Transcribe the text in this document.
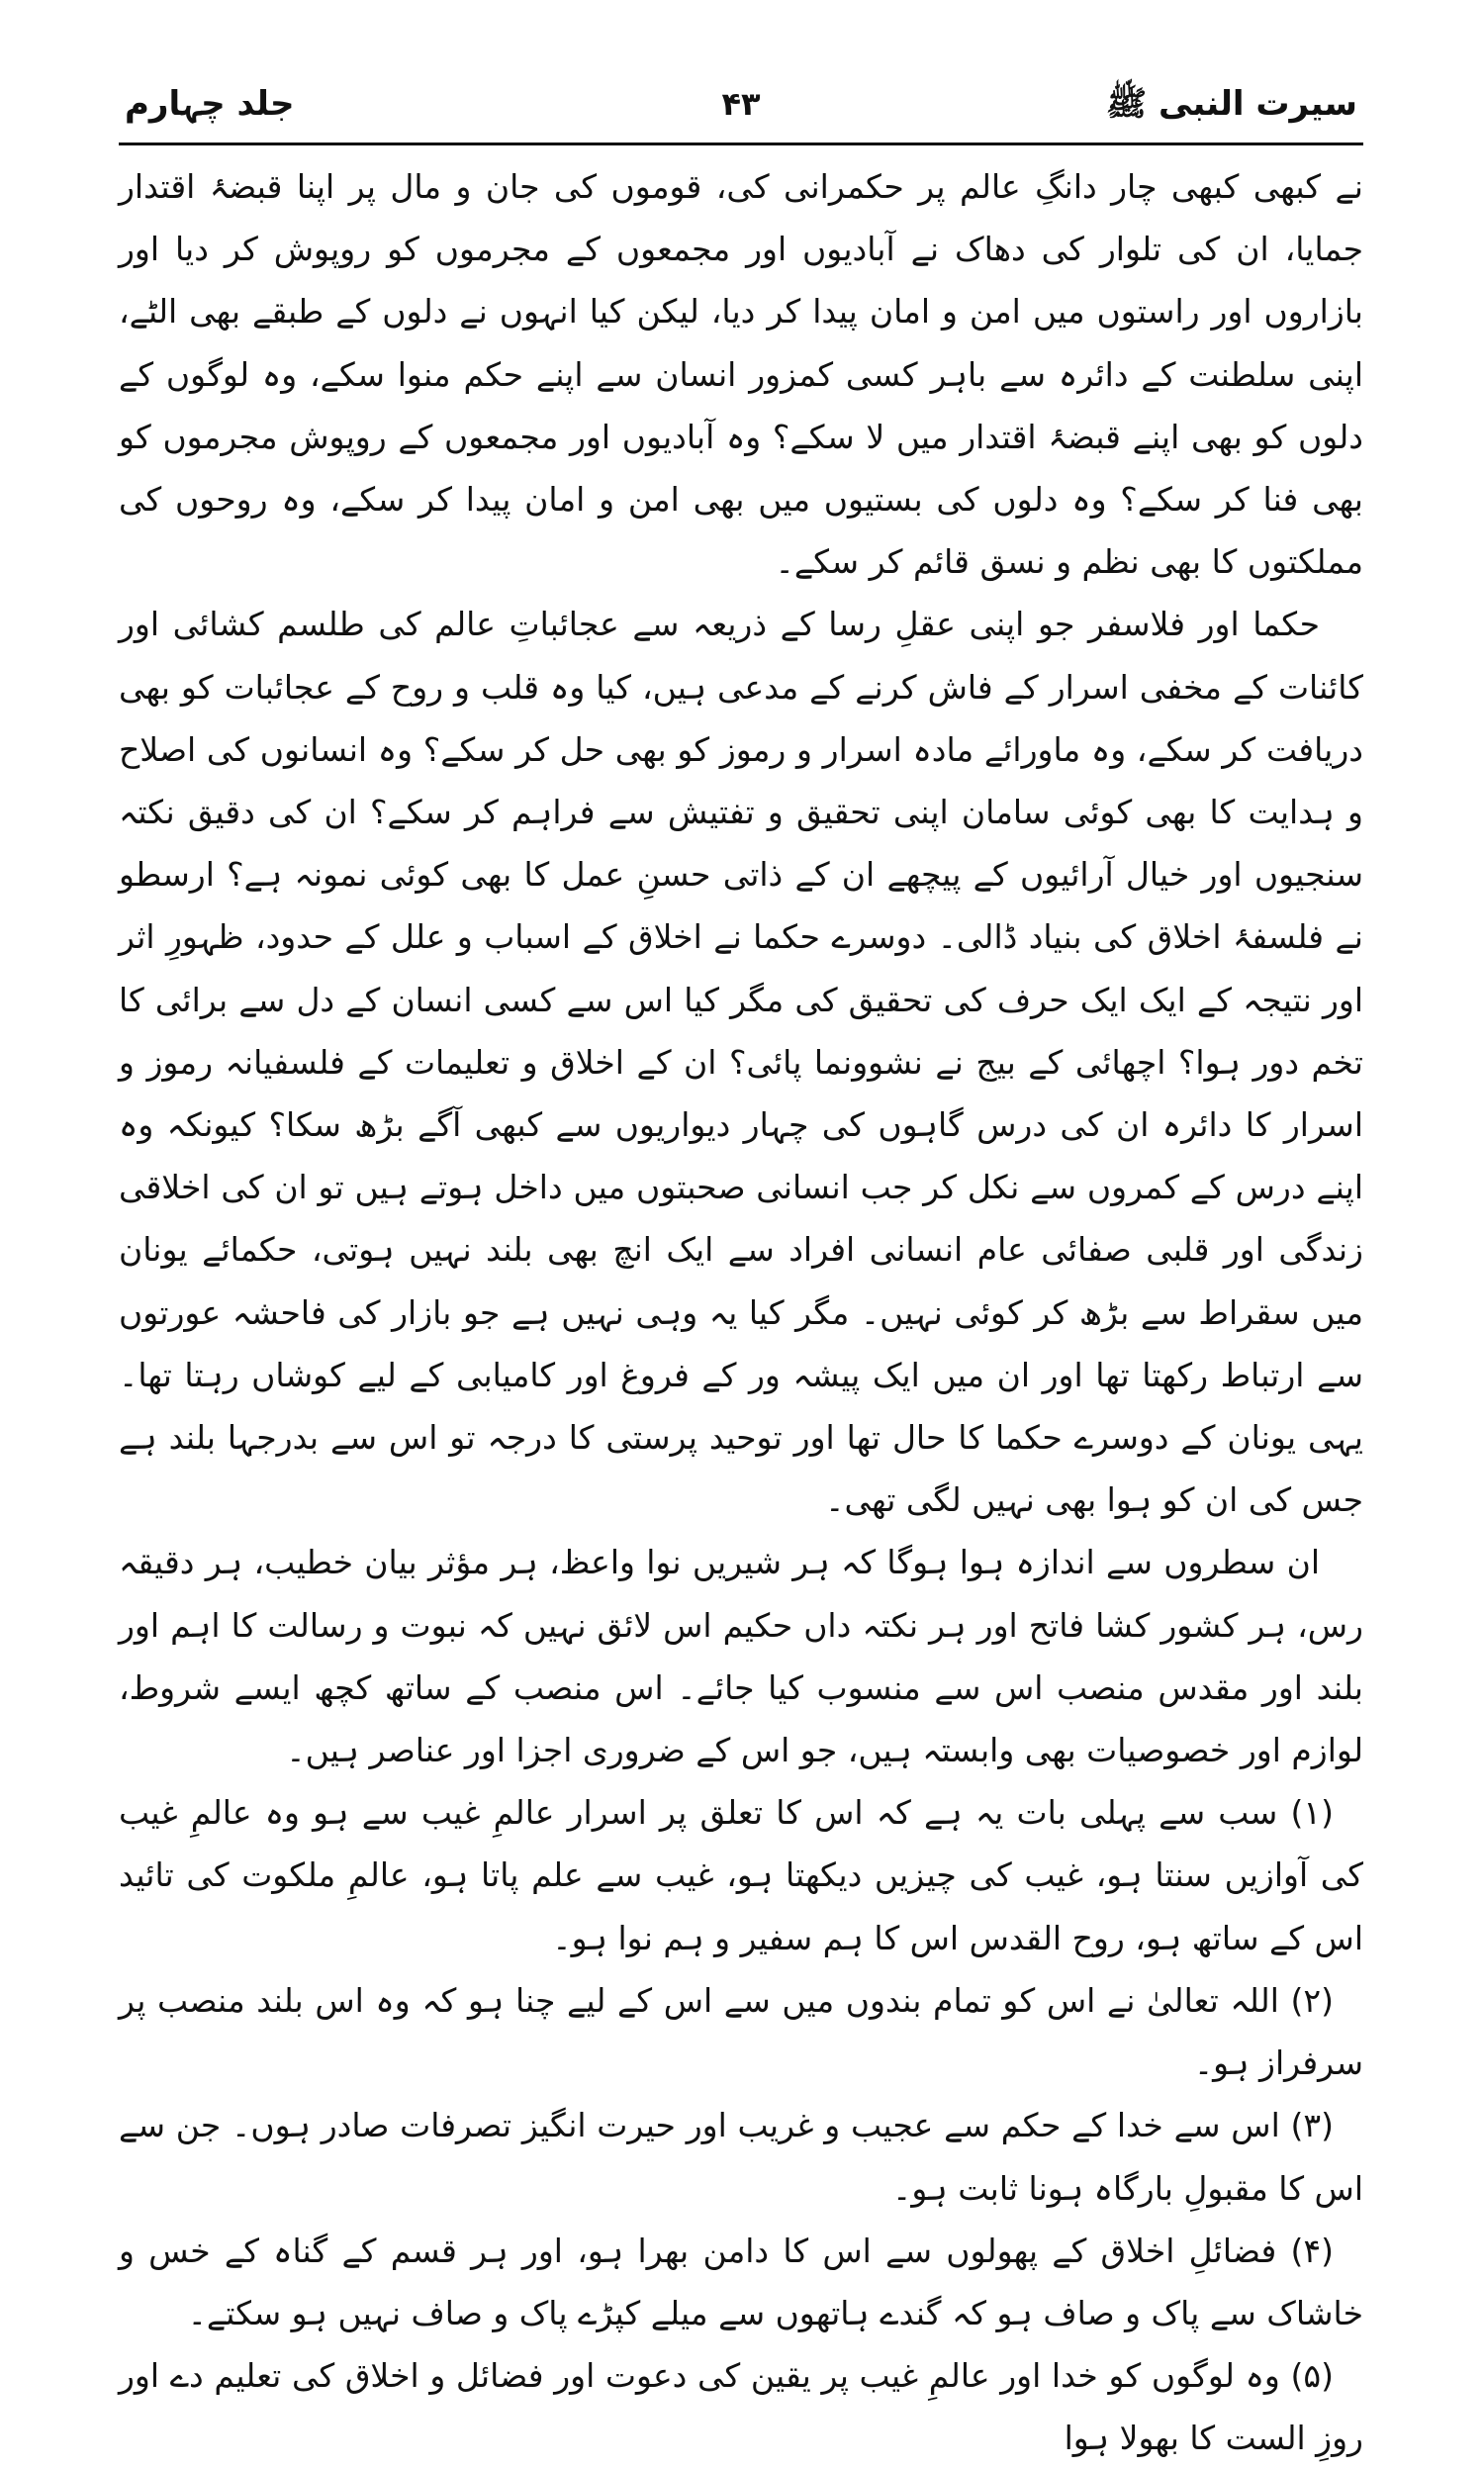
سیرت النبی ﷺ
۴۳
جلد چہارم

نے کبھی کبھی چار دانگِ عالم پر حکمرانی کی، قوموں کی جان و مال پر اپنا قبضۂ اقتدار جمایا، ان کی تلوار کی دھاک نے آبادیوں اور مجمعوں کے مجرموں کو روپوش کر دیا اور بازاروں اور راستوں میں امن و امان پیدا کر دیا، لیکن کیا انہوں نے دلوں کے طبقے بھی الٹے، اپنی سلطنت کے دائرہ سے باہر کسی کمزور انسان سے اپنے حکم منوا سکے، وہ لوگوں کے دلوں کو بھی اپنے قبضۂ اقتدار میں لا سکے؟ وہ آبادیوں اور مجمعوں کے روپوش مجرموں کو بھی فنا کر سکے؟ وہ دلوں کی بستیوں میں بھی امن و امان پیدا کر سکے، وہ روحوں کی مملکتوں کا بھی نظم و نسق قائم کر سکے۔

حکما اور فلاسفر جو اپنی عقلِ رسا کے ذریعہ سے عجائباتِ عالم کی طلسم کشائی اور کائنات کے مخفی اسرار کے فاش کرنے کے مدعی ہیں، کیا وہ قلب و روح کے عجائبات کو بھی دریافت کر سکے، وہ ماورائے مادہ اسرار و رموز کو بھی حل کر سکے؟ وہ انسانوں کی اصلاح و ہدایت کا بھی کوئی سامان اپنی تحقیق و تفتیش سے فراہم کر سکے؟ ان کی دقیق نکتہ سنجیوں اور خیال آرائیوں کے پیچھے ان کے ذاتی حسنِ عمل کا بھی کوئی نمونہ ہے؟ ارسطو نے فلسفۂ اخلاق کی بنیاد ڈالی۔ دوسرے حکما نے اخلاق کے اسباب و علل کے حدود، ظہورِ اثر اور نتیجہ کے ایک ایک حرف کی تحقیق کی مگر کیا اس سے کسی انسان کے دل سے برائی کا تخم دور ہوا؟ اچھائی کے بیج نے نشوونما پائی؟ ان کے اخلاق و تعلیمات کے فلسفیانہ رموز و اسرار کا دائرہ ان کی درس گاہوں کی چہار دیواریوں سے کبھی آگے بڑھ سکا؟ کیونکہ وہ اپنے درس کے کمروں سے نکل کر جب انسانی صحبتوں میں داخل ہوتے ہیں تو ان کی اخلاقی زندگی اور قلبی صفائی عام انسانی افراد سے ایک انچ بھی بلند نہیں ہوتی، حکمائے یونان میں سقراط سے بڑھ کر کوئی نہیں۔ مگر کیا یہ وہی نہیں ہے جو بازار کی فاحشہ عورتوں سے ارتباط رکھتا تھا اور ان میں ایک پیشہ ور کے فروغ اور کامیابی کے لیے کوشاں رہتا تھا۔ یہی یونان کے دوسرے حکما کا حال تھا اور توحید پرستی کا درجہ تو اس سے بدرجہا بلند ہے جس کی ان کو ہوا بھی نہیں لگی تھی۔

ان سطروں سے اندازہ ہوا ہوگا کہ ہر شیریں نوا واعظ، ہر مؤثر بیان خطیب، ہر دقیقہ رس، ہر کشور کشا فاتح اور ہر نکتہ داں حکیم اس لائق نہیں کہ نبوت و رسالت کا اہم اور بلند اور مقدس منصب اس سے منسوب کیا جائے۔ اس منصب کے ساتھ کچھ ایسے شروط، لوازم اور خصوصیات بھی وابستہ ہیں، جو اس کے ضروری اجزا اور عناصر ہیں۔

(۱) سب سے پہلی بات یہ ہے کہ اس کا تعلق پر اسرار عالمِ غیب سے ہو وہ عالمِ غیب کی آوازیں سنتا ہو، غیب کی چیزیں دیکھتا ہو، غیب سے علم پاتا ہو، عالمِ ملکوت کی تائید اس کے ساتھ ہو، روح القدس اس کا ہم سفیر و ہم نوا ہو۔

(۲) اللہ تعالیٰ نے اس کو تمام بندوں میں سے اس کے لیے چنا ہو کہ وہ اس بلند منصب پر سرفراز ہو۔

(۳) اس سے خدا کے حکم سے عجیب و غریب اور حیرت انگیز تصرفات صادر ہوں۔ جن سے اس کا مقبولِ بارگاہ ہونا ثابت ہو۔

(۴) فضائلِ اخلاق کے پھولوں سے اس کا دامن بھرا ہو، اور ہر قسم کے گناہ کے خس و خاشاک سے پاک و صاف ہو کہ گندے ہاتھوں سے میلے کپڑے پاک و صاف نہیں ہو سکتے۔

(۵) وہ لوگوں کو خدا اور عالمِ غیب پر یقین کی دعوت اور فضائل و اخلاق کی تعلیم دے اور روزِ الست کا بھولا ہوا
